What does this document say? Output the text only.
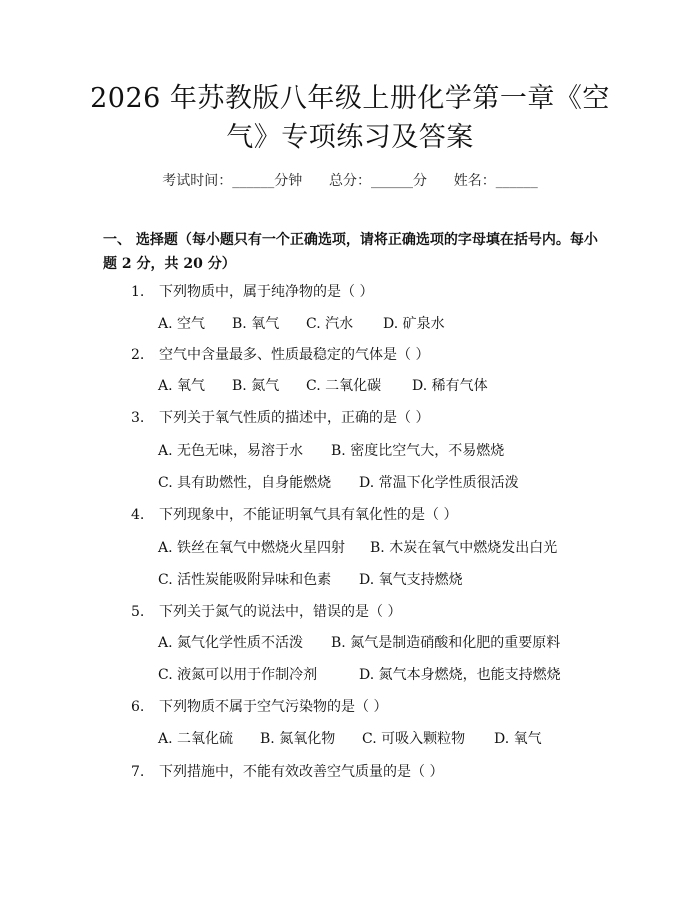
2026 年苏教版八年级上册化学第一章《空
气》专项练习及答案
考试时间：______分钟      总分：______分      姓名：______
一、 选择题（每小题只有一个正确选项，请将正确选项的字母填在括号内。每小
题 2 分，共 20 分）
1. 下列物质中，属于纯净物的是（ ）
A. 空气 B. 氧气 C. 汽水 D. 矿泉水
2. 空气中含量最多、性质最稳定的气体是（ ）
A. 氧气 B. 氮气 C. 二氧化碳 D. 稀有气体
3. 下列关于氧气性质的描述中，正确的是（ ）
A. 无色无味，易溶于水 B. 密度比空气大，不易燃烧
C. 具有助燃性，自身能燃烧 D. 常温下化学性质很活泼
4. 下列现象中，不能证明氧气具有氧化性的是（ ）
A. 铁丝在氧气中燃烧火星四射 B. 木炭在氧气中燃烧发出白光
C. 活性炭能吸附异味和色素 D. 氧气支持燃烧
5. 下列关于氮气的说法中，错误的是（ ）
A. 氮气化学性质不活泼 B. 氮气是制造硝酸和化肥的重要原料
C. 液氮可以用于作制冷剂	D. 氮气本身燃烧，也能支持燃烧
6. 下列物质不属于空气污染物的是（ ）
A. 二氧化硫 B. 氮氧化物 C. 可吸入颗粒物 D. 氧气
7. 下列措施中，不能有效改善空气质量的是（ ）
